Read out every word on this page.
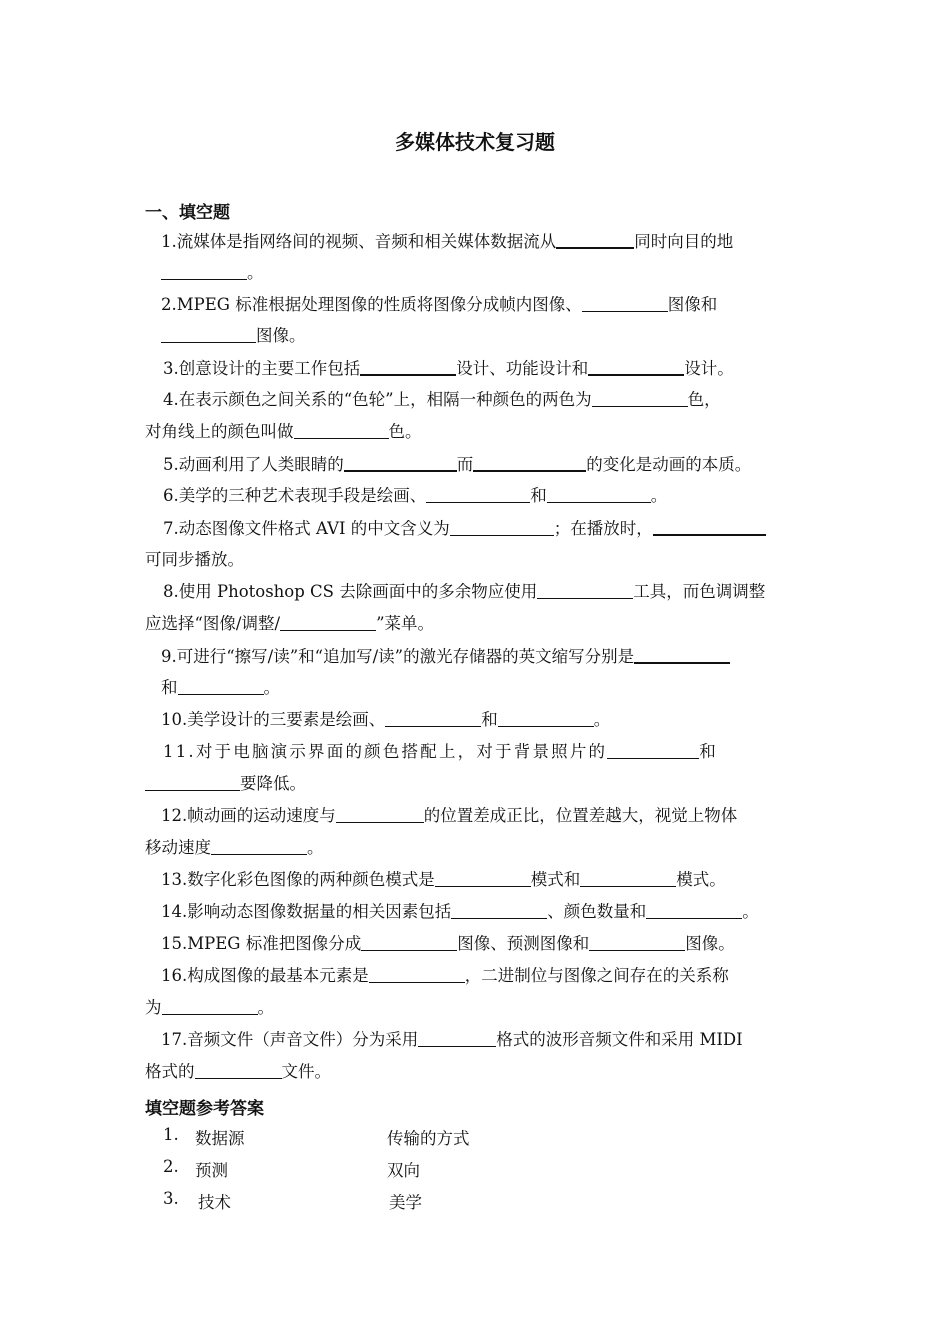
多媒体技术复习题
一、填空题
1.流媒体是指网络间的视频、音频和相关媒体数据流从	同时向目的地
。
2.MPEG 标准根据处理图像的性质将图像分成帧内图像、	图像和
图像。
3.创意设计的主要工作包括	设计、功能设计和	设计。
4.在表示颜色之间关系的“色轮”上，相隔一种颜色的两色为	色，
对角线上的颜色叫做	色。
5.动画利用了人类眼睛的	而	的变化是动画的本质。
6.美学的三种艺术表现手段是绘画、	和	。
7.动态图像文件格式 AVI 的中文含义为	；在播放时，
可同步播放。
8.使用 Photoshop CS 去除画面中的多余物应使用	工具，而色调调整
应选择“图像/调整/	”菜单。
9.可进行“擦写/读”和“追加写/读”的激光存储器的英文缩写分别是
和	。
10.美学设计的三要素是绘画、	和	。
11.对于电脑演示界面的颜色搭配上，对于背景照片的	和
要降低。
12.帧动画的运动速度与	的位置差成正比，位置差越大，视觉上物体
移动速度	。
13.数字化彩色图像的两种颜色模式是	模式和	模式。
14.影响动态图像数据量的相关因素包括	、颜色数量和	。
15.MPEG 标准把图像分成	图像、预测图像和	图像。
16.构成图像的最基本元素是	，二进制位与图像之间存在的关系称
为	。
17.音频文件（声音文件）分为采用	格式的波形音频文件和采用 MIDI
格式的	文件。
填空题参考答案
1. 数据源	传输的方式
2. 预测	双向
3. 技术	美学
